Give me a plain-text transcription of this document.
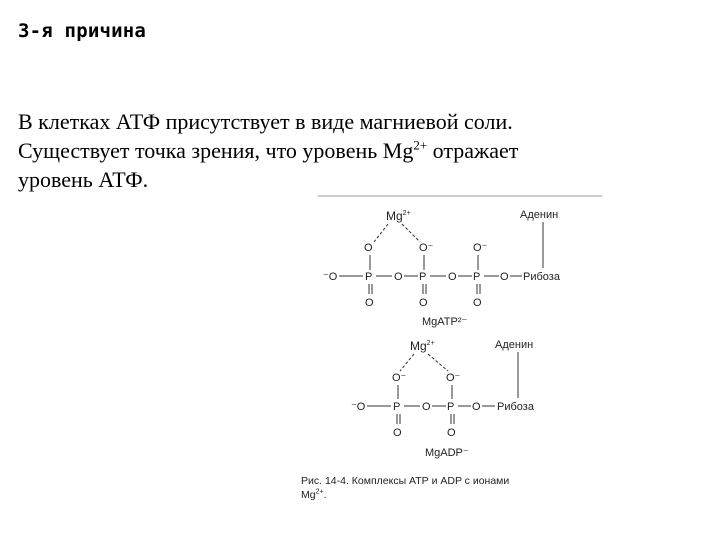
3-я причина
В клетках АТФ присутствует в виде магниевой соли.
Существует точка зрения, что уровень $Mg^{2+}$ отражает
уровень АТФ.
$Mg^{2+}$	Аденин
O	O⁻	O⁻
⁻O	P O P O P O Рибоза
O	O	O
MgATP²⁻
$Mg^{2+}$	Аденин
O⁻	O⁻
⁻O	P O P O Рибоза
O	O
MgADP⁻
Рис. 14-4. Комплексы АТР и ADP с ионами
$Mg^{2+}$.
